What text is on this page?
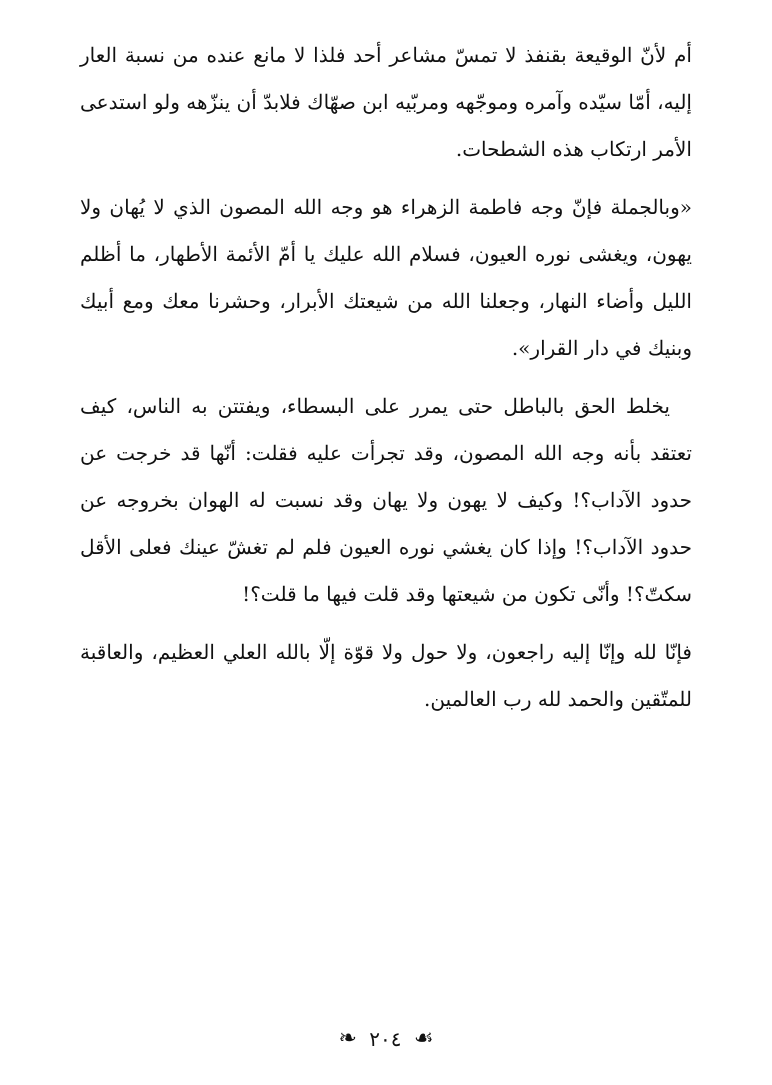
أم لأنّ الوقيعة بقنفذ لا تمسّ مشاعر أحد فلذا لا مانع عنده من نسبة العار إليه، أمّا سيّده وآمره وموجّهه ومربّيه ابن صهّاك فلابدّ أن ينزّهه ولو استدعى الأمر ارتكاب هذه الشطحات.

«وبالجملة فإنّ وجه فاطمة الزهراء هو وجه الله المصون الذي لا يُهان ولا يهون، ويغشى نوره العيون، فسلام الله عليك يا أمّ الأئمة الأطهار، ما أظلم الليل وأضاء النهار، وجعلنا الله من شيعتك الأبرار، وحشرنا معك ومع أبيك وبنيك في دار القرار».

يخلط الحق بالباطل حتى يمرر على البسطاء، ويفتتن به الناس، كيف تعتقد بأنه وجه الله المصون، وقد تجرأت عليه فقلت: أنّها قد خرجت عن حدود الآداب؟! وكيف لا يهون ولا يهان وقد نسبت له الهوان بخروجه عن حدود الآداب؟! وإذا كان يغشي نوره العيون فلم لم تغشّ عينك فعلى الأقل سكتّ؟! وأنّى تكون من شيعتها وقد قلت فيها ما قلت؟!

فإنّا لله وإنّا إليه راجعون، ولا حول ولا قوّة إلّا بالله العلي العظيم، والعاقبة للمتّقين والحمد لله رب العالمين.

☙ ٢٠٤ ❧
